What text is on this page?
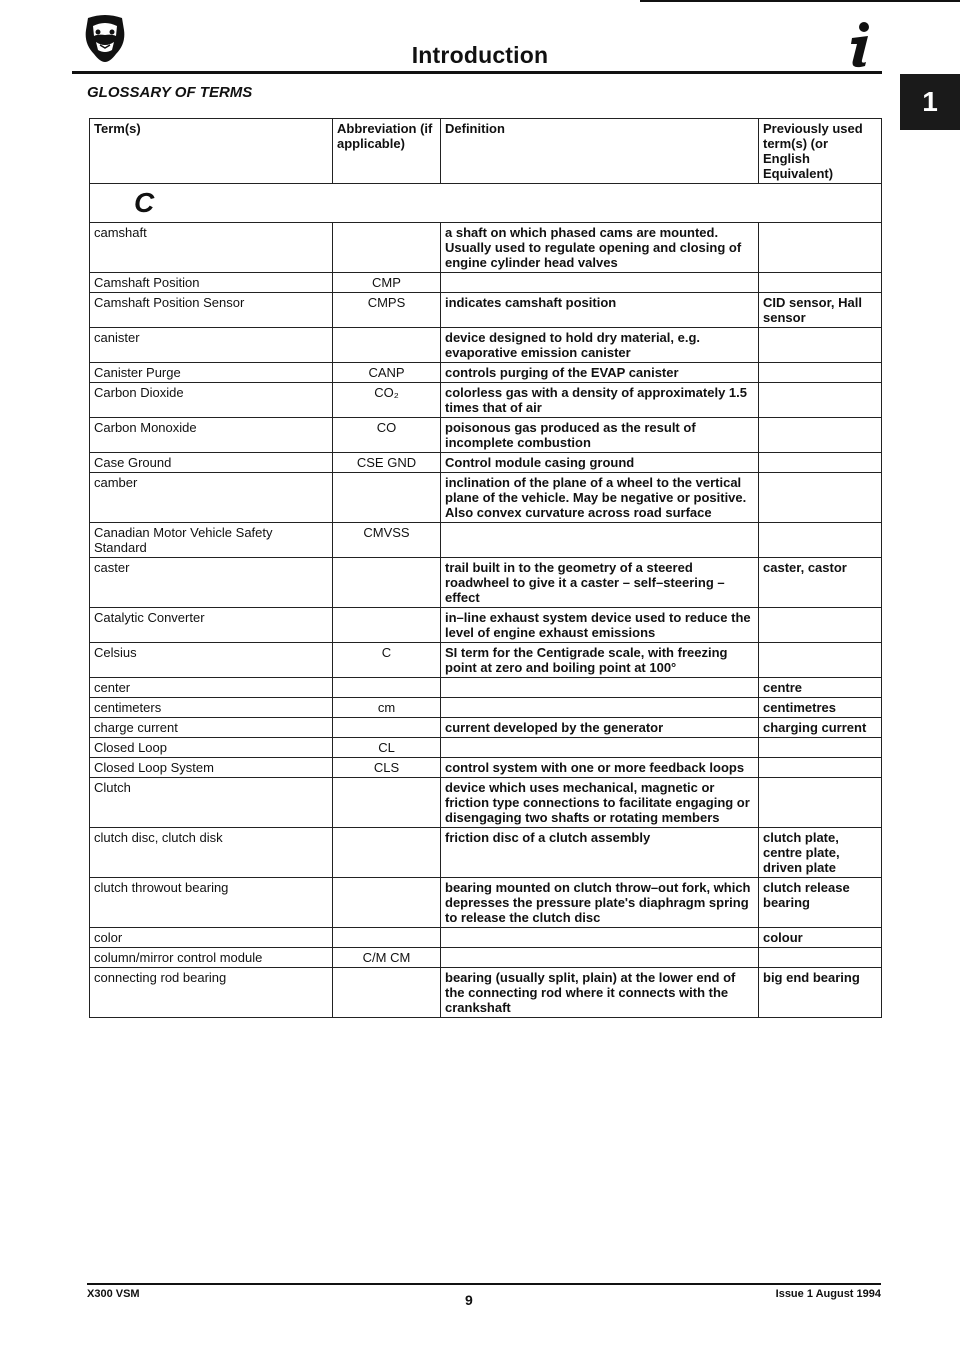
Introduction
1
GLOSSARY OF TERMS
Term(s)	Abbreviation (if applicable)	Definition	Previously used term(s) (or English Equivalent)
C			
camshaft		a shaft on which phased cams are mounted. Usually used to regulate opening and closing of engine cylinder head valves	
Camshaft Position	CMP		
Camshaft Position Sensor	CMPS	indicates camshaft position	CID sensor, Hall sensor
canister		device designed to hold dry material, e.g. evaporative emission canister	
Canister Purge	CANP	controls purging of the EVAP canister	
Carbon Dioxide	CO₂	colorless gas with a density of approximately 1.5 times that of air	
Carbon Monoxide	CO	poisonous gas produced as the result of incomplete combustion	
Case Ground	CSE GND	Control module casing ground	
camber		inclination of the plane of a wheel to the vertical plane of the vehicle. May be negative or positive. Also convex curvature across road surface	
Canadian Motor Vehicle Safety Standard	CMVSS		
caster		trail built in to the geometry of a steered roadwheel to give it a caster – self–steering – effect	caster, castor
Catalytic Converter		in–line exhaust system device used to reduce the level of engine exhaust emissions	
Celsius	C	SI term for the Centigrade scale, with freezing point at zero and boiling point at 100°	
center			centre
centimeters	cm		centimetres
charge current		current developed by the generator	charging current
Closed Loop	CL		
Closed Loop System	CLS	control system with one or more feedback loops	
Clutch		device which uses mechanical, magnetic or friction type connections to facilitate engaging or disengaging two shafts or rotating members	
clutch disc, clutch disk		friction disc of a clutch assembly	clutch plate, centre plate, driven plate
clutch throwout bearing		bearing mounted on clutch throw–out fork, which depresses the pressure plate's diaphragm spring to release the clutch disc	clutch release bearing
color			colour
column/mirror control module	C/M CM		
connecting rod bearing		bearing (usually split, plain) at the lower end of the connecting rod where it connects with the crankshaft	big end bearing
X300 VSM	9	Issue 1 August 1994
